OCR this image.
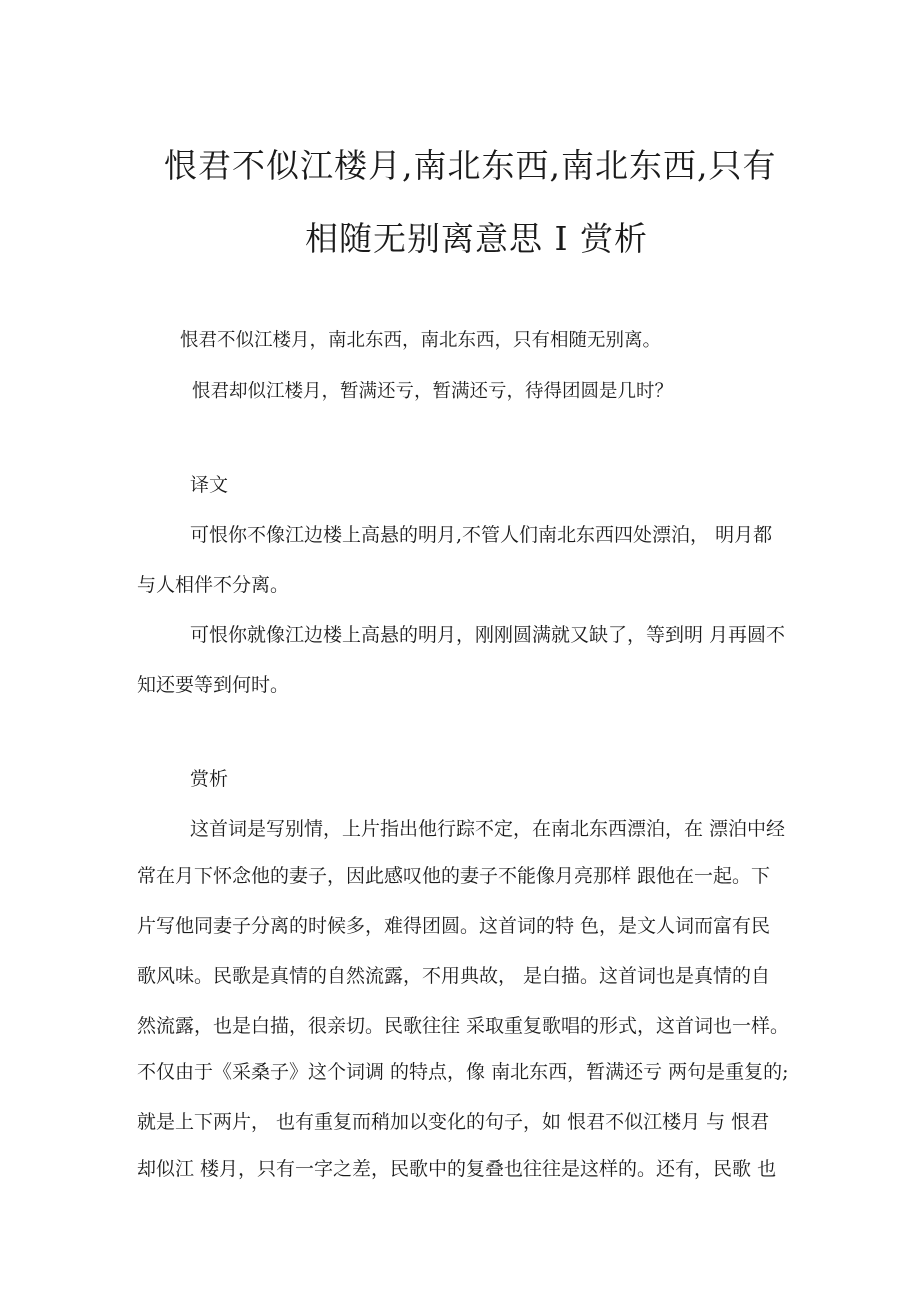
恨君不似江楼月,南北东西,南北东西,只有
相随无别离意思 I 赏析
恨君不似江楼月，南北东西，南北东西，只有相随无别离。
恨君却似江楼月，暂满还亏，暂满还亏，待得团圆是几时？
译文
可恨你不像江边楼上高悬的明月,不管人们南北东西四处漂泊， 明月都
与人相伴不分离。
可恨你就像江边楼上高悬的明月，刚刚圆满就又缺了，等到明 月再圆不
知还要等到何时。
赏析
这首词是写别情，上片指出他行踪不定，在南北东西漂泊，在 漂泊中经
常在月下怀念他的妻子，因此感叹他的妻子不能像月亮那样 跟他在一起。下
片写他同妻子分离的时候多，难得团圆。这首词的特 色，是文人词而富有民
歌风味。民歌是真情的自然流露，不用典故， 是白描。这首词也是真情的自
然流露，也是白描，很亲切。民歌往往 采取重复歌唱的形式，这首词也一样。
不仅由于《采桑子》这个词调 的特点，像 南北东西，暂满还亏 两句是重复的;
就是上下两片， 也有重复而稍加以变化的句子，如 恨君不似江楼月 与 恨君
却似江 楼月，只有一字之差，民歌中的复叠也往往是这样的。还有，民歌 也
